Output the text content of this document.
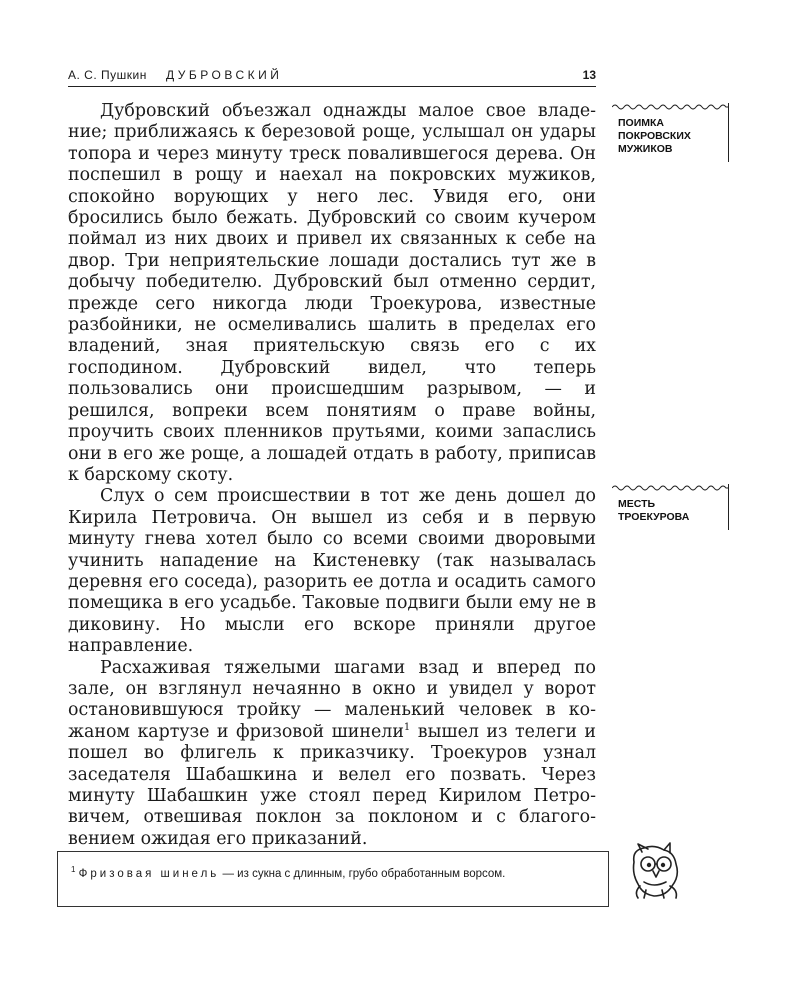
А. С. Пушкин ДУБРОВСКИЙ	13

Дубровский объезжал однажды малое свое владение; приближаясь к березовой роще, услышал он удары топора и через минуту треск повалившегося дерева. Он поспешил в рощу и наехал на покровских мужиков, спокойно ворующих у него лес. Увидя его, они бросились было бежать. Дубровский со своим кучером поймал из них двоих и привел их связанных к себе на двор. Три неприятельские лошади достались тут же в добычу победителю. Дубровский был отменно сердит, прежде сего никогда люди Троекурова, известные разбойники, не осмеливались шалить в пределах его владений, зная приятельскую связь его с их господином. Дубровский видел, что теперь пользовались они происшедшим разрывом, — и решился, вопреки всем понятиям о праве войны, проучить своих пленников прутьями, коими запаслись они в его же роще, а лошадей отдать в работу, приписав к барскому скоту.

Слух о сем происшествии в тот же день дошел до Кирила Петровича. Он вышел из себя и в первую минуту гнева хотел было со всеми своими дворовыми учинить нападение на Кистеневку (так называлась деревня его соседа), разорить ее дотла и осадить самого помещика в его усадьбе. Таковые подвиги были ему не в диковину. Но мысли его вскоре приняли другое направление.

Расхаживая тяжелыми шагами взад и вперед по зале, он взглянул нечаянно в окно и увидел у ворот остановившуюся тройку — маленький человек в кожаном картузе и фризовой шинели$^1$ вышел из телеги и пошел во флигель к приказчику. Троекуров узнал заседателя Шабашкина и велел его позвать. Через минуту Шабашкин уже стоял перед Кирилом Петровичем, отвешивая поклон за поклоном и с благоговением ожидая его приказаний.

ПОИМКА ПОКРОВСКИХ МУЖИКОВ
МЕСТЬ ТРОЕКУРОВА
$^1$ Фризовая шинель — из сукна с длинным, грубо обработанным ворсом.
